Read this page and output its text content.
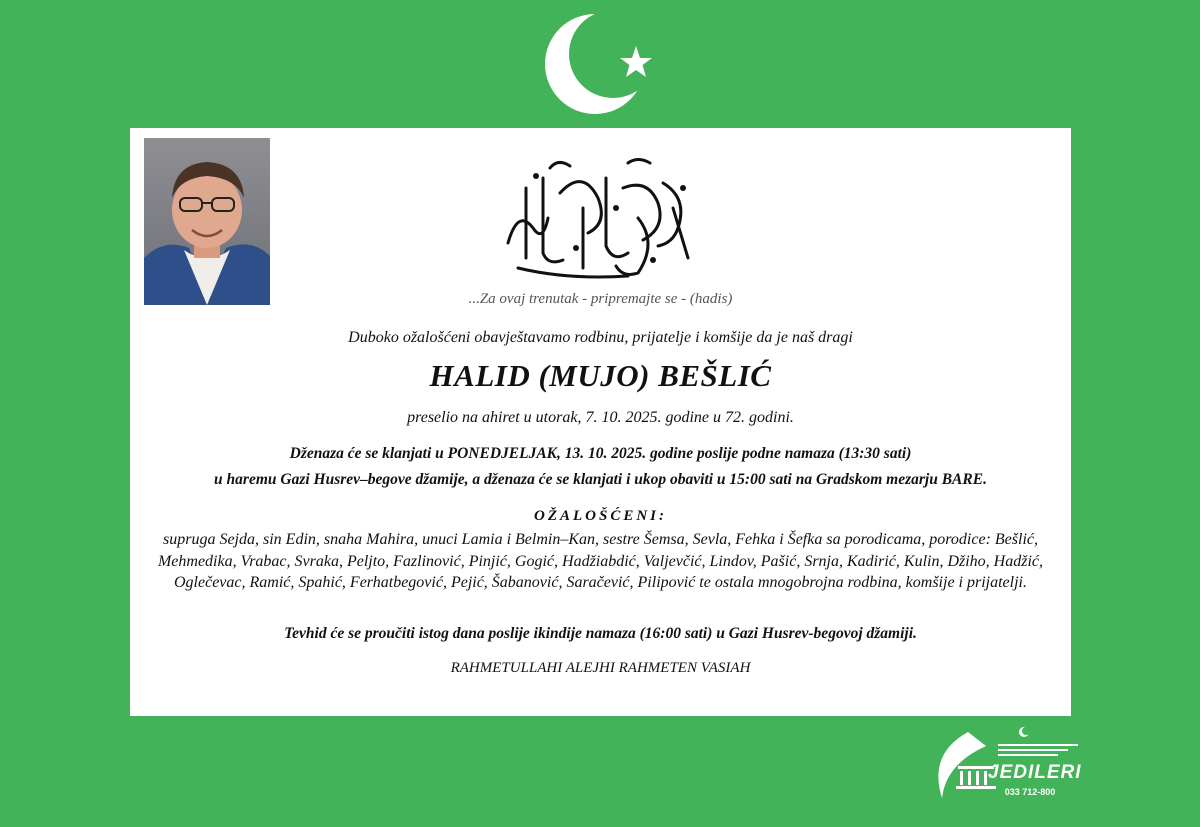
...Za ovaj trenutak - pripremajte se - (hadis)
Duboko ožalošćeni obavještavamo rodbinu, prijatelje i komšije da je naš dragi
HALID (MUJO) BEŠLIĆ
preselio na ahiret u utorak, 7. 10. 2025. godine u 72. godini.
Dženaza će se klanjati u PONEDJELJAK, 13. 10. 2025. godine poslije podne namaza (13:30 sati)
u haremu Gazi Husrev–begove džamije, a dženaza će se klanjati i ukop obaviti u 15:00 sati na Gradskom mezarju BARE.
OŽALOŠĆENI:
supruga Sejda, sin Edin, snaha Mahira, unuci Lamia i Belmin–Kan, sestre Šemsa, Sevla, Fehka i Šefka sa porodicama, porodice: Bešlić, Mehmedika, Vrabac, Svraka, Peljto, Fazlinović, Pinjić, Gogić, Hadžiabdić, Valjevčić, Lindov, Pašić, Srnja, Kadirić, Kulin, Džiho, Hadžić, Oglečevac, Ramić, Spahić, Ferhatbegović, Pejić, Šabanović, Saračević, Pilipović te ostala mnogobrojna rodbina, komšije i prijatelji.
Tevhid će se proučiti istog dana poslije ikindije namaza (16:00 sati) u Gazi Husrev-begovoj džamiji.
RAHMETULLAHI ALEJHI RAHMETEN VASIAH
JEDILERI
033 712-800
